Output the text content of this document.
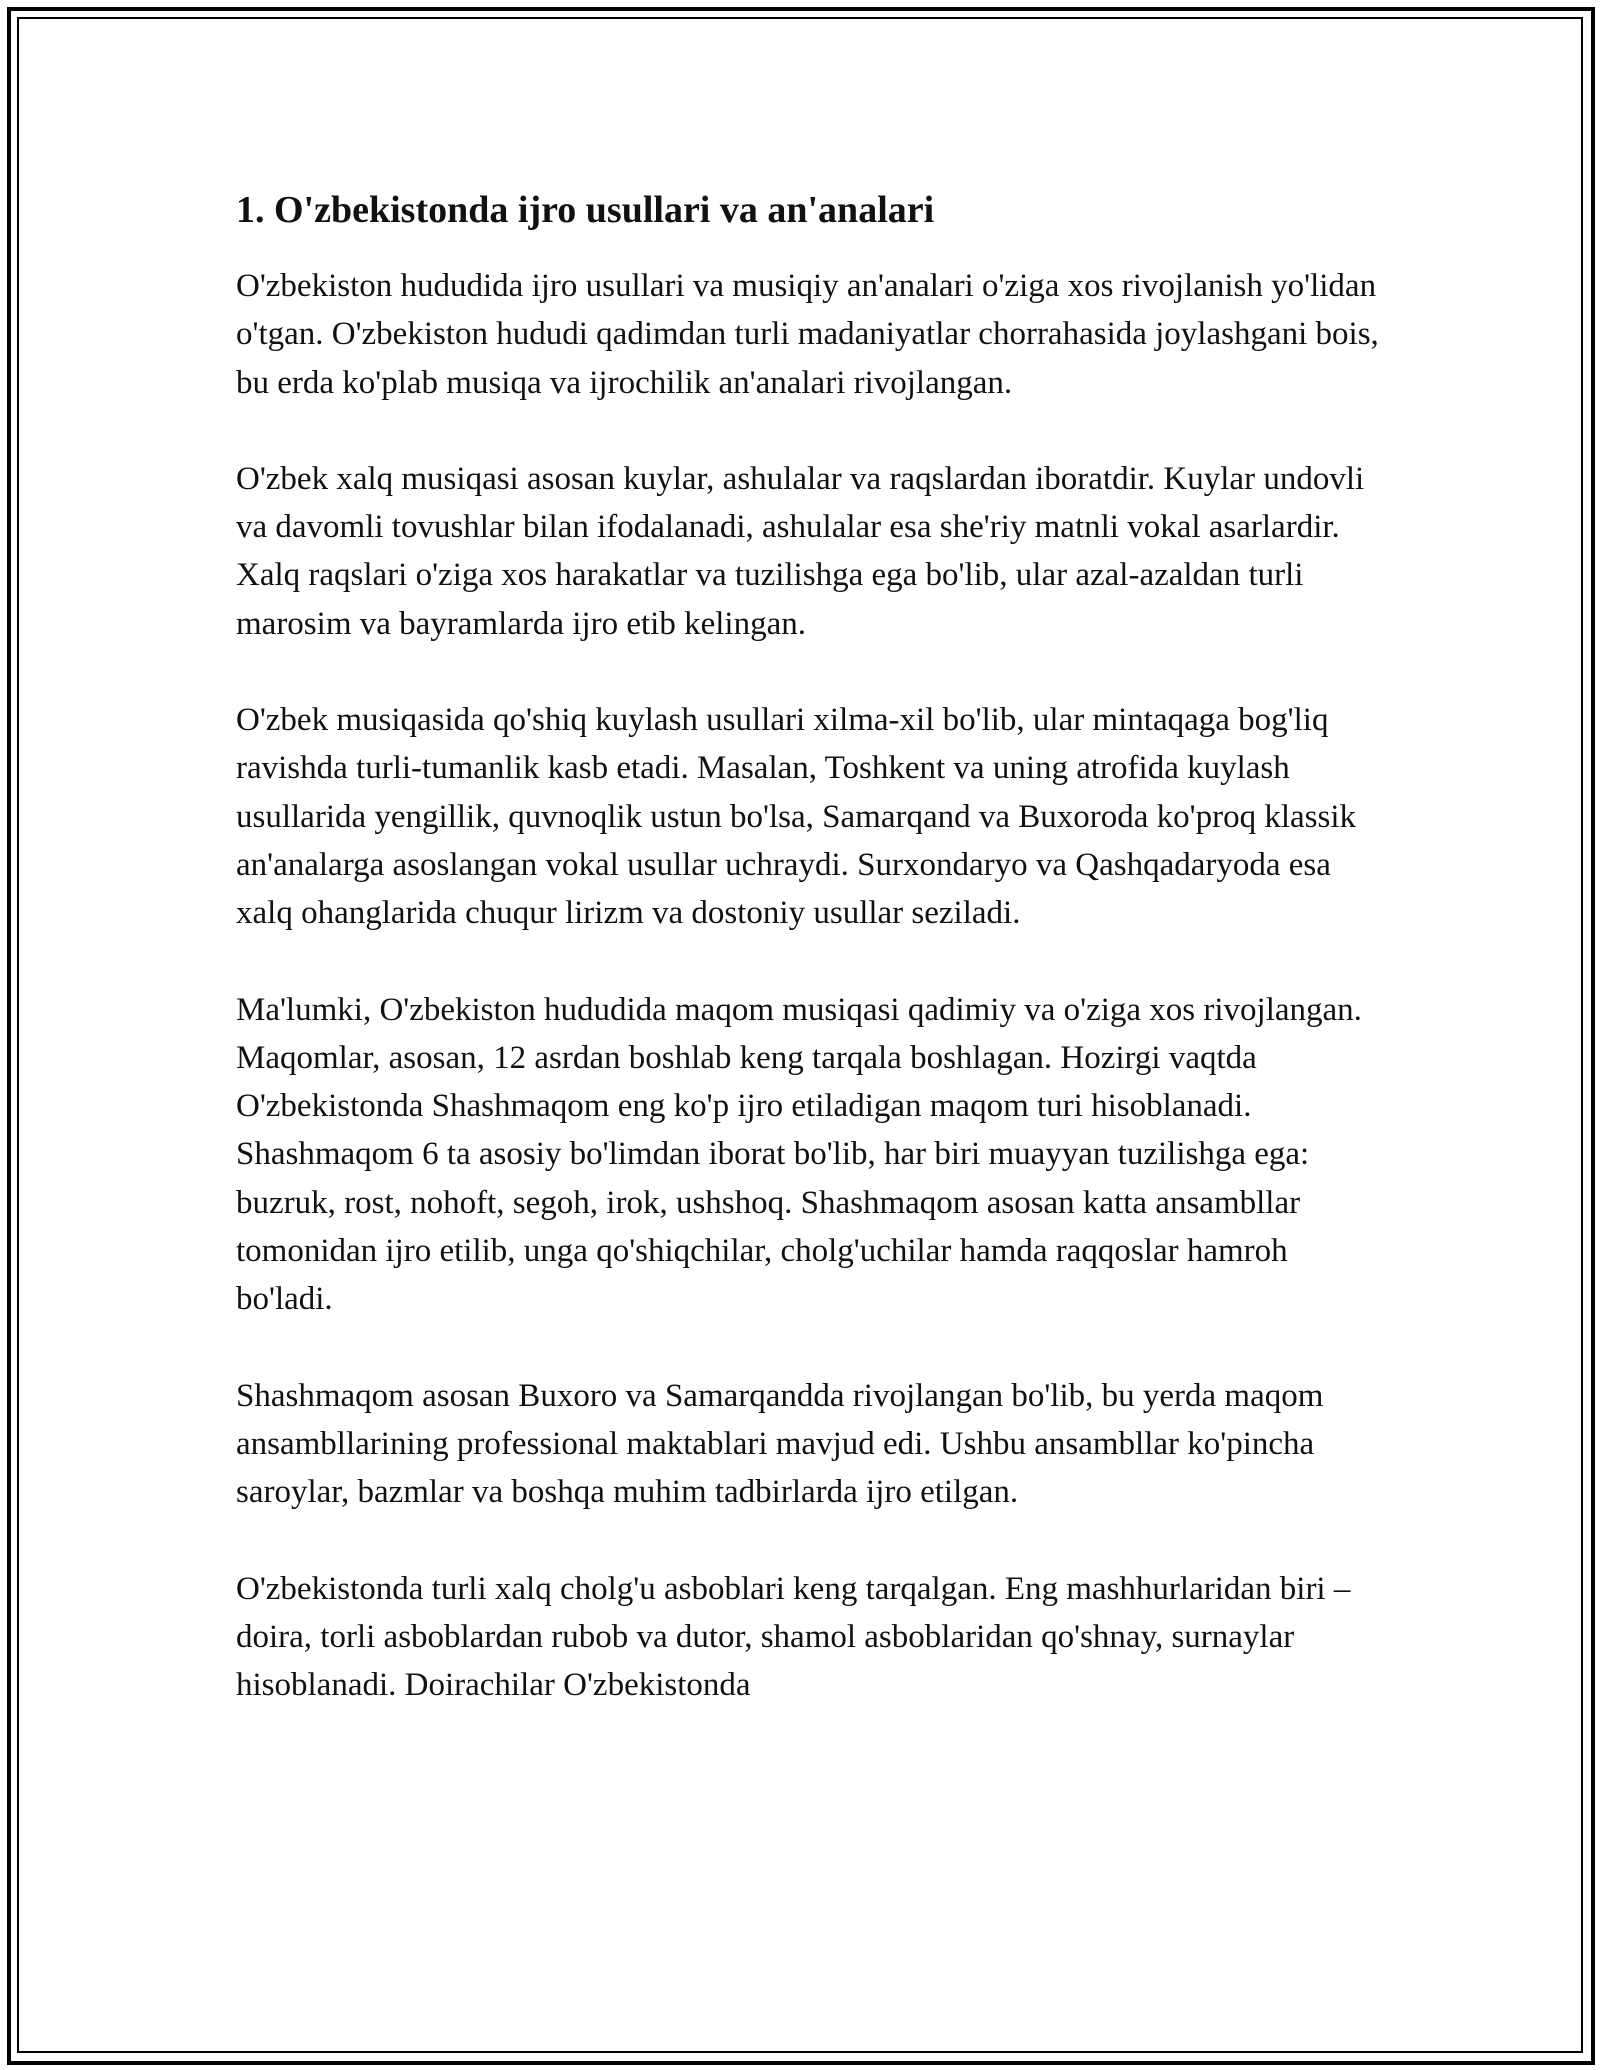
1. O'zbekistonda ijro usullari va an'analari

O'zbekiston hududida ijro usullari va musiqiy an'analari o'ziga xos rivojlanish yo'lidan o'tgan. O'zbekiston hududi qadimdan turli madaniyatlar chorrahasida joylashgani bois, bu erda ko'plab musiqa va ijrochilik an'analari rivojlangan.

O'zbek xalq musiqasi asosan kuylar, ashulalar va raqslardan iboratdir. Kuylar undovli va davomli tovushlar bilan ifodalanadi, ashulalar esa she'riy matnli vokal asarlardir. Xalq raqslari o'ziga xos harakatlar va tuzilishga ega bo'lib, ular azal-azaldan turli marosim va bayramlarda ijro etib kelingan.

O'zbek musiqasida qo'shiq kuylash usullari xilma-xil bo'lib, ular mintaqaga bog'liq ravishda turli-tumanlik kasb etadi. Masalan, Toshkent va uning atrofida kuylash usullarida yengillik, quvnoqlik ustun bo'lsa, Samarqand va Buxoroda ko'proq klassik an'analarga asoslangan vokal usullar uchraydi. Surxondaryo va Qashqadaryoda esa xalq ohanglarida chuqur lirizm va dostoniy usullar seziladi.

Ma'lumki, O'zbekiston hududida maqom musiqasi qadimiy va o'ziga xos rivojlangan. Maqomlar, asosan, 12 asrdan boshlab keng tarqala boshlagan. Hozirgi vaqtda O'zbekistonda Shashmaqom eng ko'p ijro etiladigan maqom turi hisoblanadi. Shashmaqom 6 ta asosiy bo'limdan iborat bo'lib, har biri muayyan tuzilishga ega: buzruk, rost, nohoft, segoh, irok, ushshoq. Shashmaqom asosan katta ansambllar tomonidan ijro etilib, unga qo'shiqchilar, cholg'uchilar hamda raqqoslar hamroh bo'ladi.

Shashmaqom asosan Buxoro va Samarqandda rivojlangan bo'lib, bu yerda maqom ansambllarining professional maktablari mavjud edi. Ushbu ansambllar ko'pincha saroylar, bazmlar va boshqa muhim tadbirlarda ijro etilgan.

O'zbekistonda turli xalq cholg'u asboblari keng tarqalgan. Eng mashhurlaridan biri – doira, torli asboblardan rubob va dutor, shamol asboblaridan qo'shnay, surnaylar hisoblanadi. Doirachilar O'zbekistonda
